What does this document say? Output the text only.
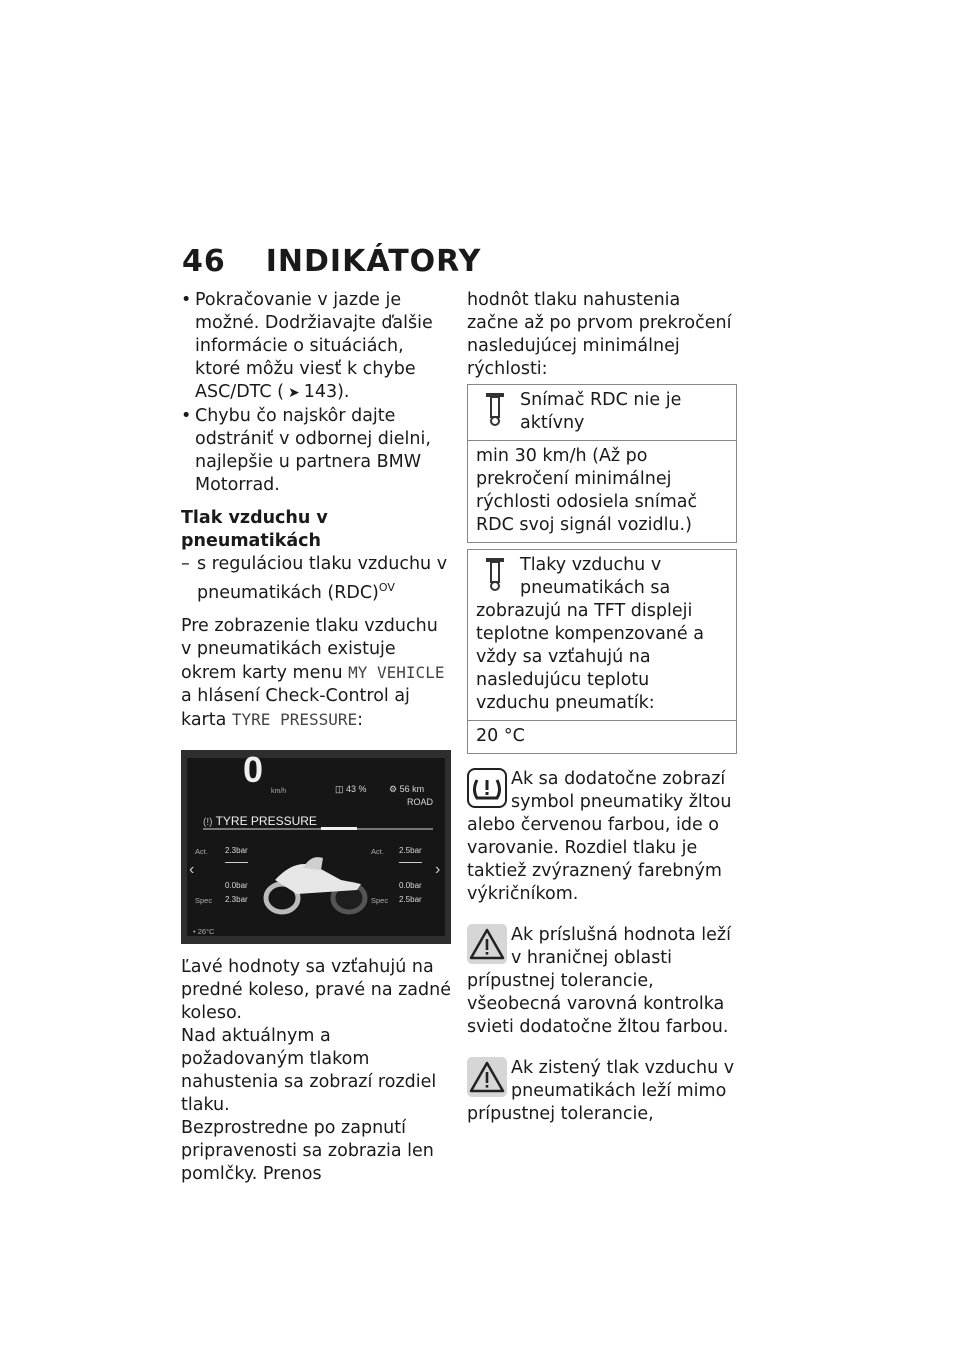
46 INDIKÁTORY

• Pokračovanie v jazde je možné. Dodržiavajte ďalšie informácie o situáciách, ktoré môžu viesť k chybe ASC/DTC ( ➤ 143).

• Chybu čo najskôr dajte odstrániť v odbornej dielni, najlepšie u partnera BMW Motorrad.

Tlak vzduchu v pneumatikách

– s reguláciou tlaku vzduchu v pneumatikách (RDC)$^{OV}$

Pre zobrazenie tlaku vzduchu v pneumatikách existuje okrem karty menu MY VEHICLE a hlásení Check-Control aj karta TYRE PRESSURE:

0
km/h	◫ 43 % ⚙ 56 km
ROAD
(!) TYRE PRESSURE
Act. 2.3bar	Act. 2.5bar
‹	›
0.0bar	0.0bar
Spec 2.3bar	Spec 2.5bar
• 26°C

Ľavé hodnoty sa vzťahujú na predné koleso, pravé na zadné koleso.

Nad aktuálnym a požadovaným tlakom nahustenia sa zobrazí rozdiel tlaku.

Bezprostredne po zapnutí pripravenosti sa zobrazia len pomlčky. Prenos

hodnôt tlaku nahustenia začne až po prvom prekročení nasledujúcej minimálnej rýchlosti:

Snímač RDC nie je aktívny
min 30 km/h (Až po prekročení minimálnej rýchlosti odosiela snímač RDC svoj signál vozidlu.)
Tlaky vzduchu v pneumatikách sa zobrazujú na TFT displeji teplotne kompenzované a vždy sa vzťahujú na nasledujúcu teplotu vzduchu pneumatík:
20 °C

Ak sa dodatočne zobrazí symbol pneumatiky žltou alebo červenou farbou, ide o varovanie. Rozdiel tlaku je taktiež zvýraznený farebným výkričníkom.

Ak príslušná hodnota leží v hraničnej oblasti prípustnej tolerancie, všeobecná varovná kontrolka svieti dodatočne žltou farbou.

Ak zistený tlak vzduchu v pneumatikách leží mimo prípustnej tolerancie,
